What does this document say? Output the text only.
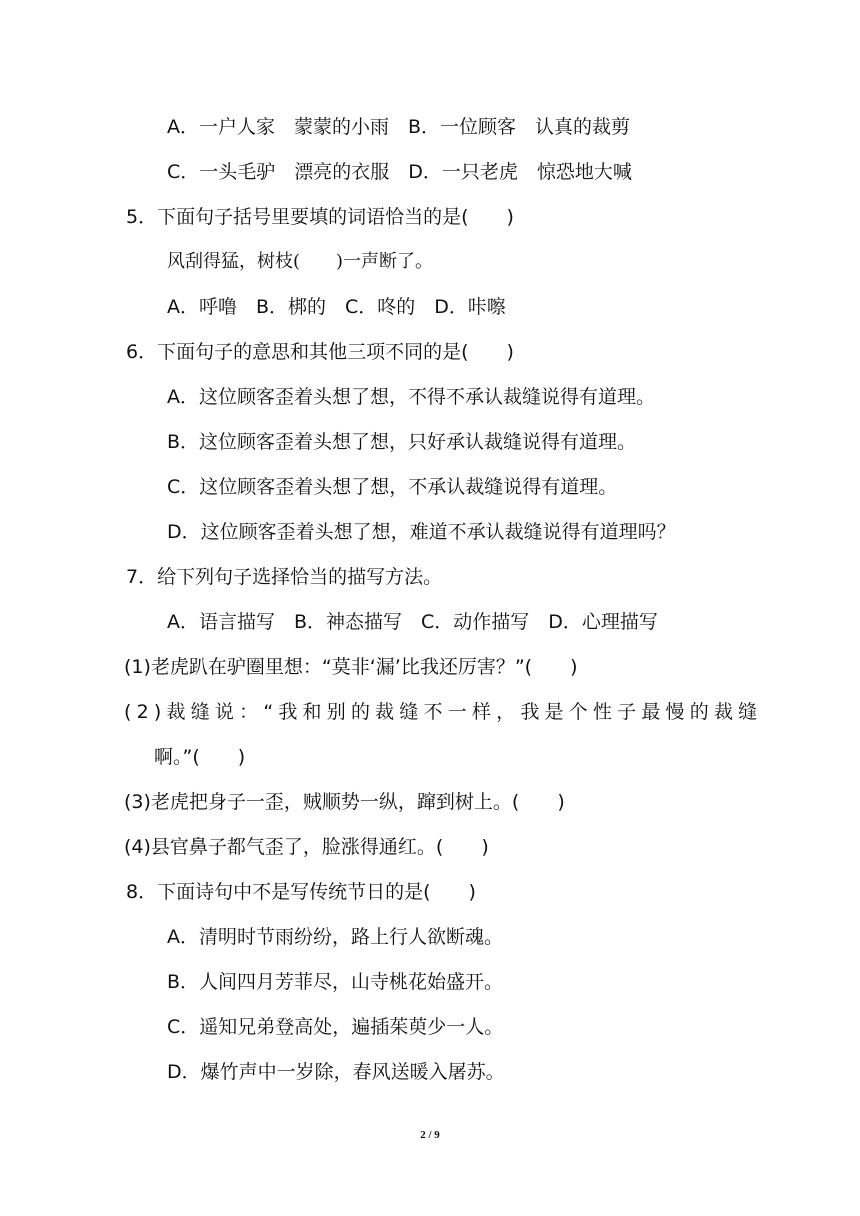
A．一户人家　蒙蒙的小雨　B．一位顾客　认真的裁剪
C．一头毛驴　漂亮的衣服　D．一只老虎　惊恐地大喊
5．下面句子括号里要填的词语恰当的是(　　)
风刮得猛，树枝(　　)一声断了。
A．呼噜　B．梆的　C．咚的　D．咔嚓
6．下面句子的意思和其他三项不同的是(　　)
A．这位顾客歪着头想了想，不得不承认裁缝说得有道理。
B．这位顾客歪着头想了想，只好承认裁缝说得有道理。
C．这位顾客歪着头想了想，不承认裁缝说得有道理。
D．这位顾客歪着头想了想，难道不承认裁缝说得有道理吗？
7．给下列句子选择恰当的描写方法。
A．语言描写　B．神态描写　C．动作描写　D．心理描写
(1)老虎趴在驴圈里想：“莫非‘漏’比我还厉害？”(　　)
(2)裁缝说：“我和别的裁缝不一样，我是个性子最慢的裁缝
啊。”(　　)
(3)老虎把身子一歪，贼顺势一纵，蹿到树上。(　　)
(4)县官鼻子都气歪了，脸涨得通红。(　　)
8．下面诗句中不是写传统节日的是(　　)
A．清明时节雨纷纷，路上行人欲断魂。
B．人间四月芳菲尽，山寺桃花始盛开。
C．遥知兄弟登高处，遍插茱萸少一人。
D．爆竹声中一岁除，春风送暖入屠苏。
2 / 9
